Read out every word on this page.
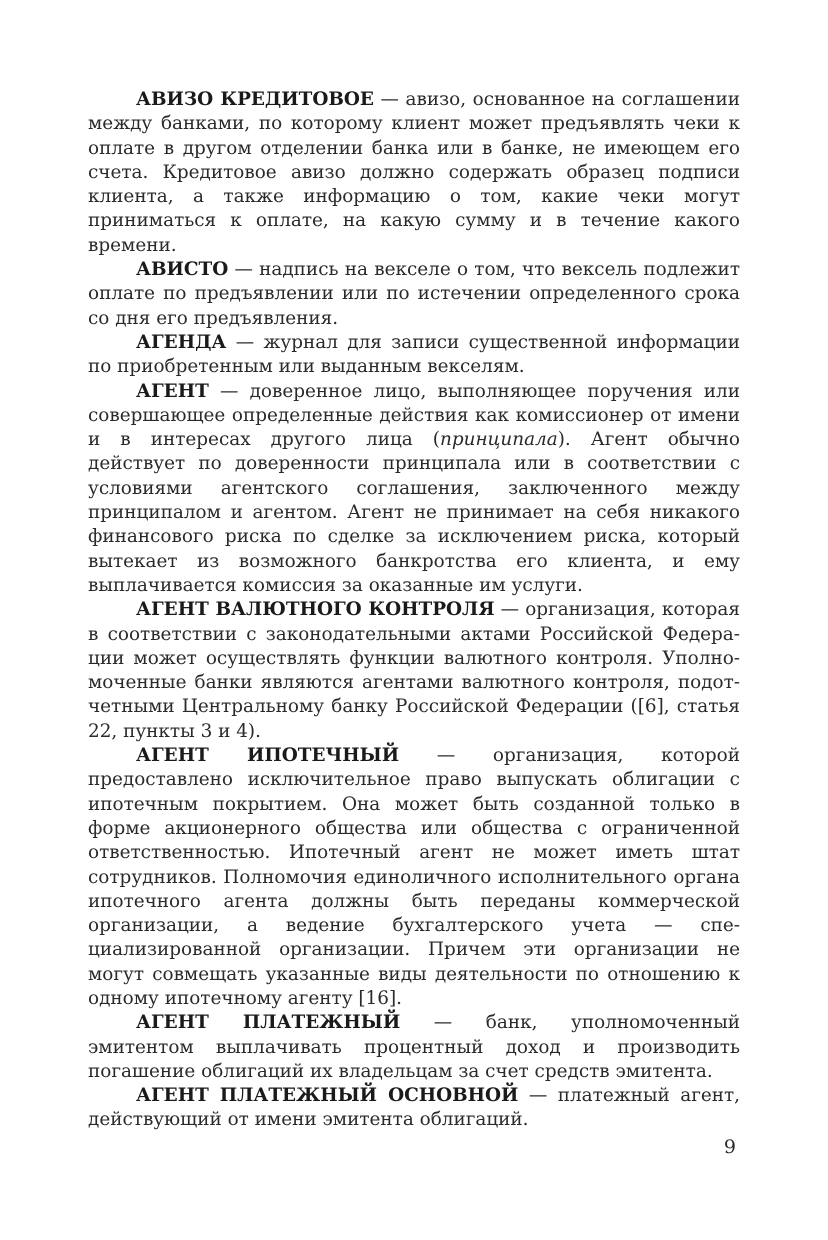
АВИЗО КРЕДИТОВОЕ — авизо, основанное на соглашении между банками, по которому клиент может предъявлять чеки к оплате в другом отделении банка или в банке, не имеющем его счета. Кредитовое авизо должно содержать образец подписи клиента, а также информацию о том, какие чеки могут приниматься к оплате, на какую сумму и в течение какого времени.

АВИСТО — надпись на векселе о том, что вексель подлежит оплате по предъявлении или по истечении определенного срока со дня его предъявления.

АГЕНДА — журнал для записи существенной информации по приобретенным или выданным векселям.

АГЕНТ — доверенное лицо, выполняющее поручения или совершающее определенные действия как комиссионер от имени и в интересах другого лица (принципала). Агент обычно действует по доверенности принципала или в соответствии с условиями агентского соглашения, заключенного между принципалом и агентом. Агент не принимает на себя никакого финансового риска по сделке за исключением риска, который вытекает из возможного банкротства его клиента, и ему выплачивается комиссия за оказанные им услуги.

АГЕНТ ВАЛЮТНОГО КОНТРОЛЯ — организация, которая в соответствии с законодательными актами Российской Федерации может осуществлять функции валютного контроля. Уполномоченные банки являются агентами валютного контроля, подотчетными Центральному банку Российской Федерации ([6], статья 22, пункты 3 и 4).

АГЕНТ ИПОТЕЧНЫЙ — организация, которой предоставлено исключительное право выпускать облигации с ипотечным покрытием. Она может быть созданной только в форме акционерного общества или общества с ограниченной ответственностью. Ипотечный агент не может иметь штат сотрудников. Полномочия единоличного исполнительного органа ипотечного агента должны быть переданы коммерческой организации, а ведение бухгалтерского учета — специализированной организации. Причем эти организации не могут совмещать указанные виды деятельности по отношению к одному ипотечному агенту [16].

АГЕНТ ПЛАТЕЖНЫЙ — банк, уполномоченный эмитентом выплачивать процентный доход и производить погашение облигаций их владельцам за счет средств эмитента.

АГЕНТ ПЛАТЕЖНЫЙ ОСНОВНОЙ — платежный агент, действующий от имени эмитента облигаций.

9
